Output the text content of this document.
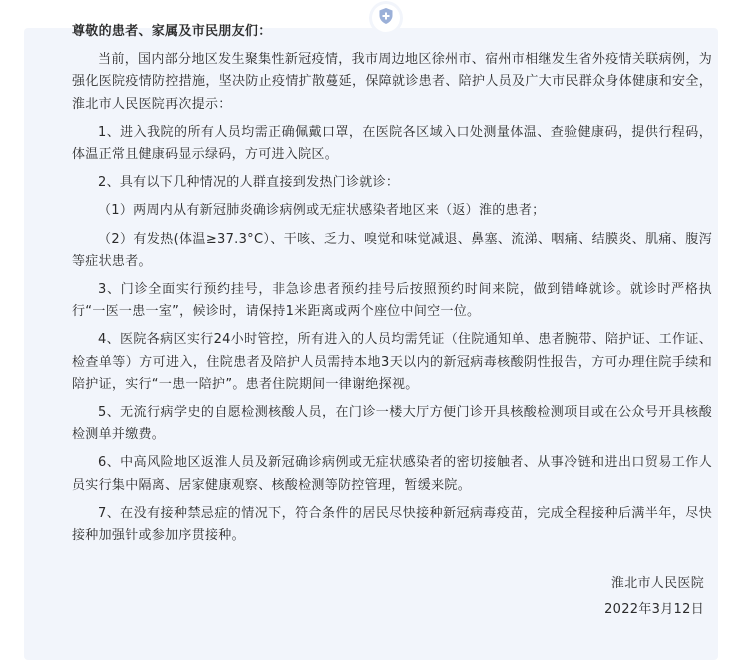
尊敬的患者、家属及市民朋友们：

当前，国内部分地区发生聚集性新冠疫情，我市周边地区徐州市、宿州市相继发生省外疫情关联病例，为强化医院疫情防控措施，坚决防止疫情扩散蔓延，保障就诊患者、陪护人员及广大市民群众身体健康和安全，淮北市人民医院再次提示：

1、进入我院的所有人员均需正确佩戴口罩，在医院各区域入口处测量体温、查验健康码，提供行程码，体温正常且健康码显示绿码，方可进入院区。

2、具有以下几种情况的人群直接到发热门诊就诊：

（1）两周内从有新冠肺炎确诊病例或无症状感染者地区来（返）淮的患者；

（2）有发热(体温≥37.3°C）、干咳、乏力、嗅觉和味觉减退、鼻塞、流涕、咽痛、结膜炎、肌痛、腹泻等症状患者。

3、门诊全面实行预约挂号，非急诊患者预约挂号后按照预约时间来院，做到错峰就诊。就诊时严格执行“一医一患一室”，候诊时，请保持1米距离或两个座位中间空一位。

4、医院各病区实行24小时管控，所有进入的人员均需凭证（住院通知单、患者腕带、陪护证、工作证、检查单等）方可进入，住院患者及陪护人员需持本地3天以内的新冠病毒核酸阴性报告，方可办理住院手续和陪护证，实行“一患一陪护”。患者住院期间一律谢绝探视。

5、无流行病学史的自愿检测核酸人员，在门诊一楼大厅方便门诊开具核酸检测项目或在公众号开具核酸检测单并缴费。

6、中高风险地区返淮人员及新冠确诊病例或无症状感染者的密切接触者、从事冷链和进出口贸易工作人员实行集中隔离、居家健康观察、核酸检测等防控管理，暂缓来院。

7、在没有接种禁忌症的情况下，符合条件的居民尽快接种新冠病毒疫苗，完成全程接种后满半年，尽快接种加强针或参加序贯接种。

淮北市人民医院
2022年3月12日
